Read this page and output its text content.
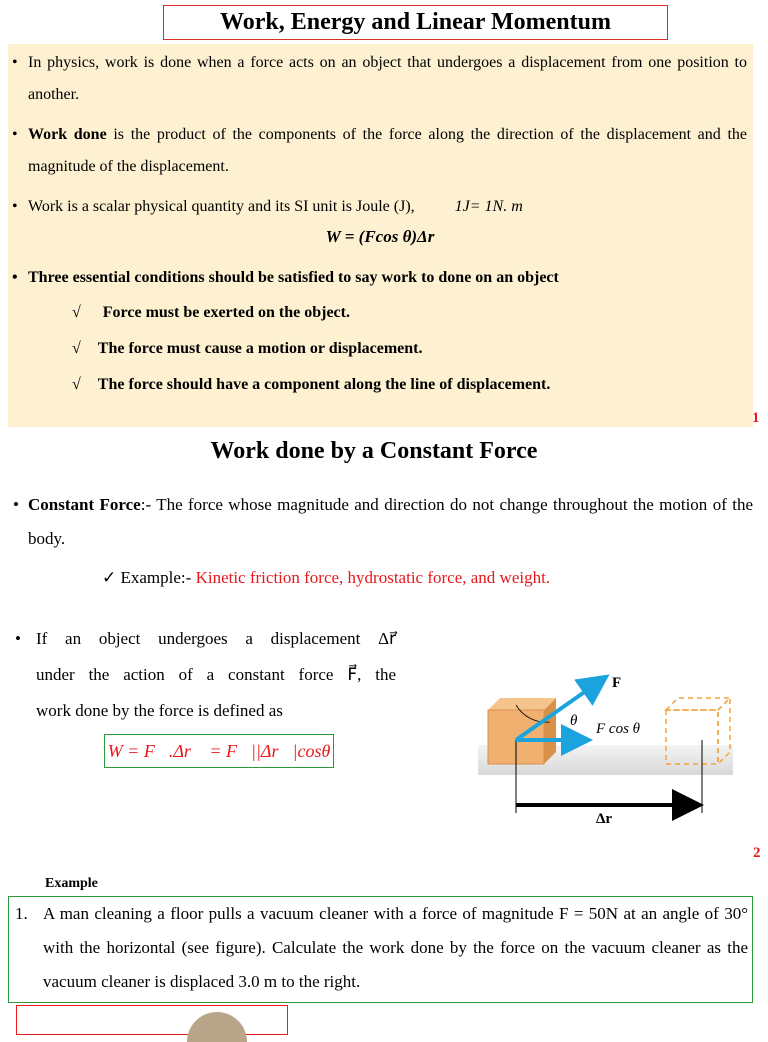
Work, Energy and Linear Momentum
• In physics, work is done when a force acts on an object that undergoes a displacement from one position to another.
• Work done is the product of the components of the force along the direction of the displacement and the magnitude of the displacement.
• Work is a scalar physical quantity and its SI unit is Joule (J),	1J= 1N. m
W = (Fcos θ)Δr
• Three essential conditions should be satisfied to say work to done on an object
√ Force must be exerted on the object.
√ The force must cause a motion or displacement.
√ The force should have a component along the line of displacement.
1
Work done by a Constant Force
• Constant Force:- The force whose magnitude and direction do not change throughout the motion of the body.
✓ Example:- Kinetic friction force, hydrostatic force, and weight.
• If an object undergoes a displacement Δr⃗
under the action of a constant force F⃗, the
work done by the force is defined as
W = F⃗.Δr⃗ = F⃗||Δr⃗|cosθ
F
θ F cos θ
Δr
2
Example
1. A man cleaning a floor pulls a vacuum cleaner with a force of magnitude F = 50N at an angle of 30° with the horizontal (see figure). Calculate the work done by the force on the vacuum cleaner as the vacuum cleaner is displaced 3.0 m to the right.
